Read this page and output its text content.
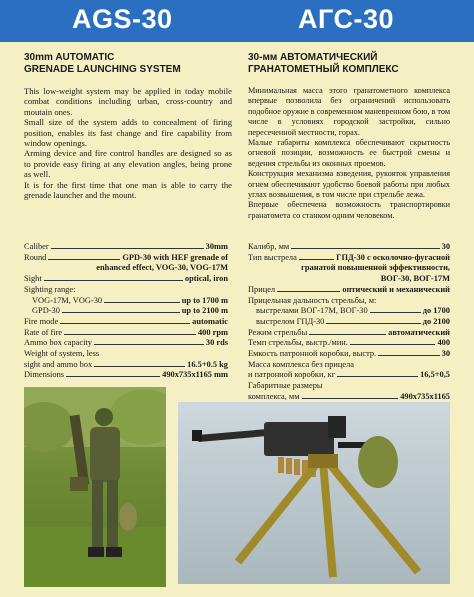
AGS-30	АГС-30
30mm AUTOMATIC
GRENADE LAUNCHING SYSTEM
This low-weight system may be applied in today mobile combat conditions including urban, cross-country and moutain ones.
Small size of the system adds to concealment of firing position, enables its fast change and fire capability from window openings.
Arming device and fire control handles are designed so as to provide easy firing at any elevation angles, being prone as well.
It is for the first time that one man is able to carry the grenade launcher and the mount.
30-мм АВТОМАТИЧЕСКИЙ
ГРАНАТОМЕТНЫЙ КОМПЛЕКС
Минимальная масса этого гранатометного комплекса впервые позволила без ограничений использовать подобное оружие в современном маневренном бою, в том числе в условиях городской застройки, сильно пересеченной местности, горах.
Малые габариты комплекса обеспечивают скрытность огневой позиции, возможность ее быстрой смены и ведения стрельбы из оконных проемов.
Конструкция механизма взведения, рукояток управления огнем обеспечивают удобство боевой работы при любых углах возвышения, в том числе при стрельбе лежа.
Впервые обеспечена возможность транспортировки гранатомета со станком одним человеком.
Caliber	30mm
Round	GPD-30 with HEF grenade of
enhanced effect, VOG-30, VOG-17M
Sight	optical, iron
Sighting range:
VOG-17M, VOG-30	up to 1700 m
GPD-30	up to 2100 m
Fire mode	automatic
Rate of fire	400 rpm
Ammo box capacity	30 rds
Weight of system, less
sight and ammo box	16.5+0.5 kg
Dimensions	490x735x1165 mm
Калибр, мм	30
Тип выстрела	ГПД-30 с осколочно-фугасной
гранатой повышенной эффективности,
ВОГ-30, ВОГ-17М
Прицел	оптический и механический
Прицельная дальность стрельбы, м:
выстрелами ВОГ-17М, ВОГ-30	до 1700
выстрелом ГПД-30	до 2100
Режим стрельбы	автоматический
Темп стрельбы, выстр./мин.	400
Емкость патронной коробки, выстр.	30
Масса комплекса без прицела
и патронной коробки, кг	16,5+0,5
Габаритные размеры
комплекса, мм	490x735x1165
